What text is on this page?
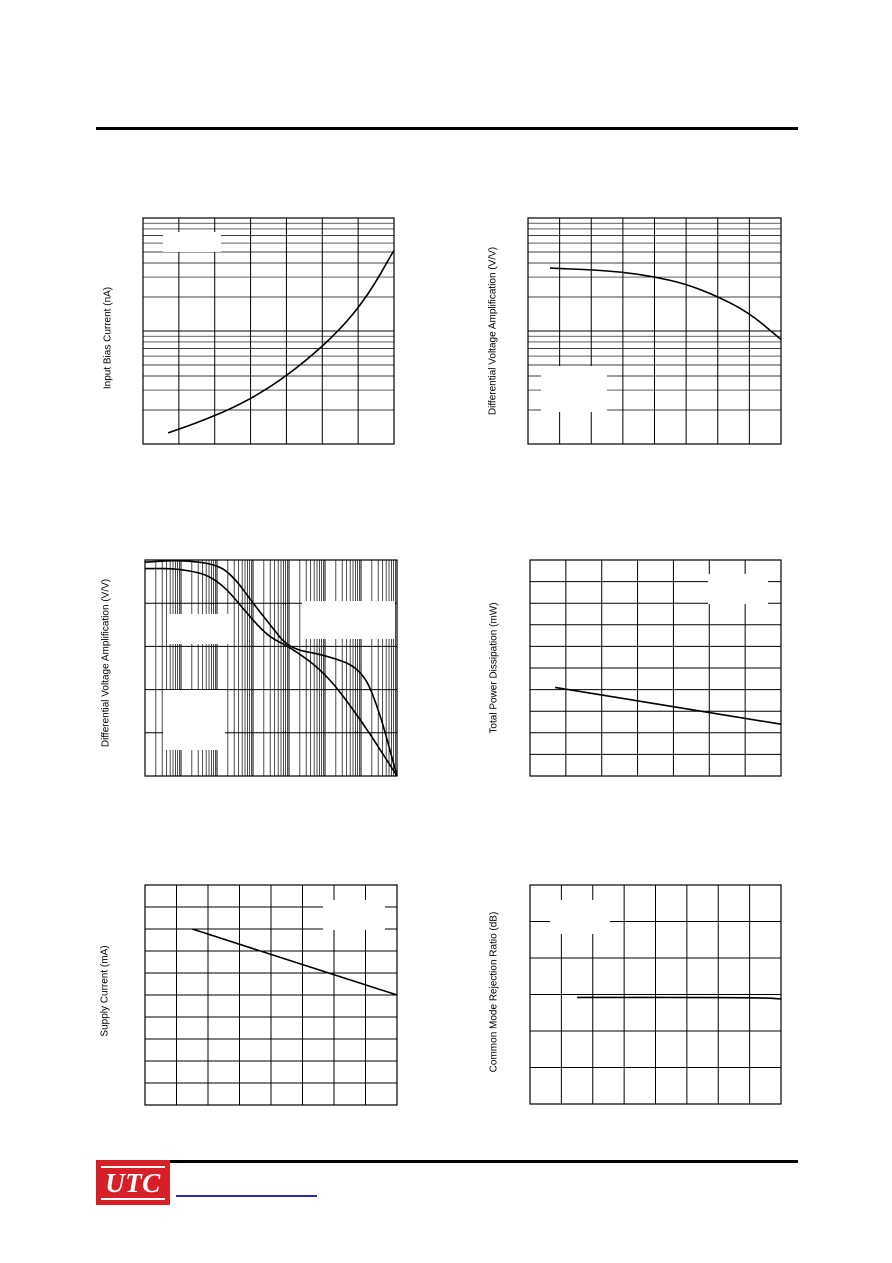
Input Bias Current (nA)	Differential Voltage Amplification (V/V)
Differential Voltage Amplification (V/V)	Total Power Dissipation (mW)
Supply Current (mA)	Common Mode Rejection Ratio (dB)
UTC
